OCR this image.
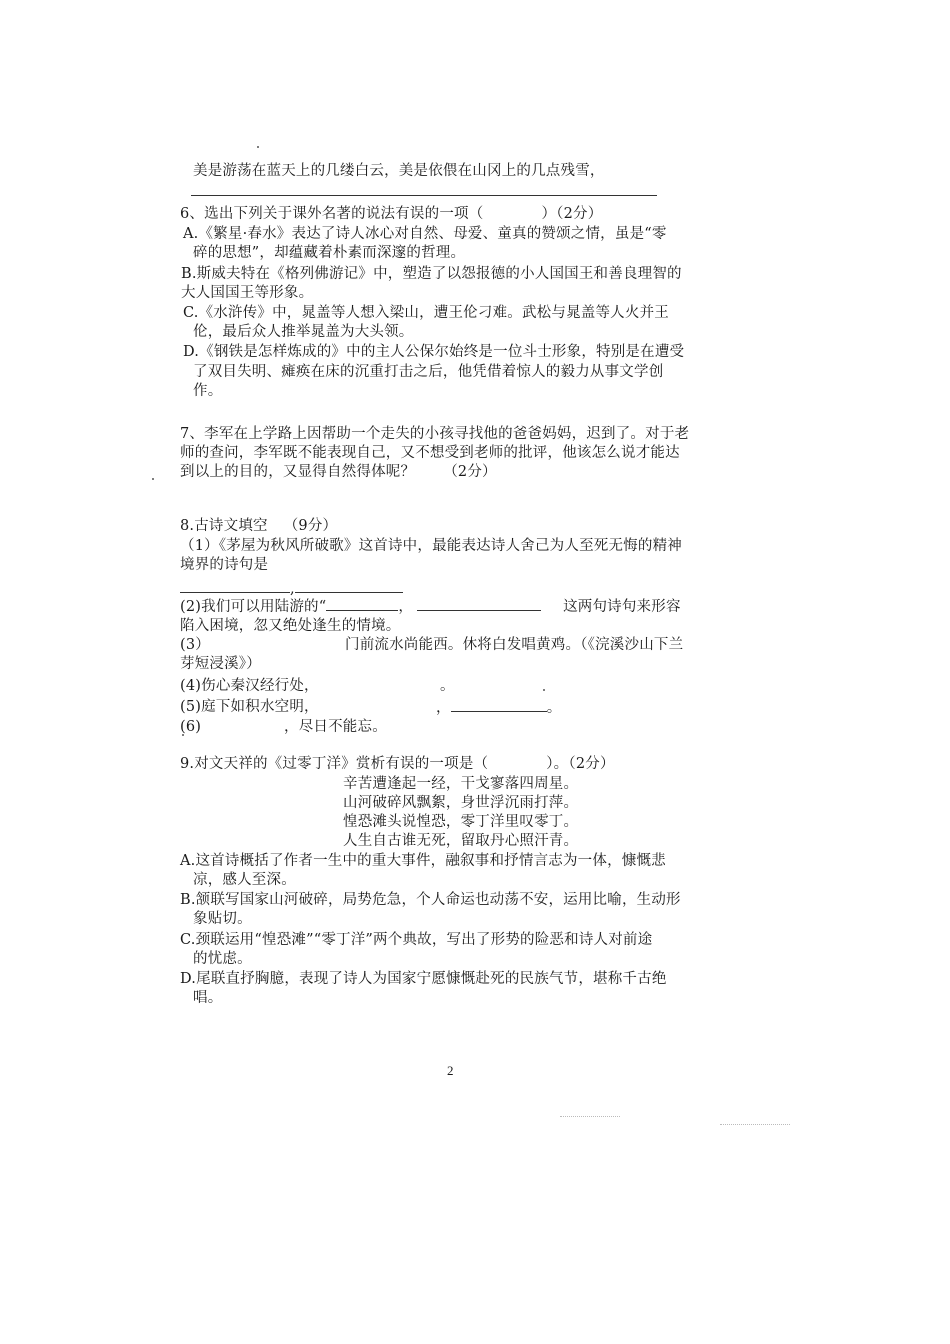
美是游荡在蓝天上的几缕白云，美是依偎在山冈上的几点残雪，
6、选出下列关于课外名著的说法有误的一项（	）（2分）
A.《繁星·春水》表达了诗人冰心对自然、母爱、童真的赞颂之情，虽是“零
碎的思想”，却蕴藏着朴素而深邃的哲理。
B.斯威夫特在《格列佛游记》中，塑造了以怨报德的小人国国王和善良理智的
大人国国王等形象。
C.《水浒传》中，晁盖等人想入梁山，遭王伦刁难。武松与晁盖等人火并王
伦，最后众人推举晁盖为大头领。
D.《钢铁是怎样炼成的》中的主人公保尔始终是一位斗士形象，特别是在遭受
了双目失明、瘫痪在床的沉重打击之后，他凭借着惊人的毅力从事文学创
作。
7、李军在上学路上因帮助一个走失的小孩寻找他的爸爸妈妈，迟到了。对于老
师的查问，李军既不能表现自己，又不想受到老师的批评，他该怎么说才能达
到以上的目的，又显得自然得体呢？ （2分）
8.古诗文填空 （9分）
（1）《茅屋为秋风所破歌》这首诗中，最能表达诗人舍己为人至死无悔的精神
境界的诗句是
,
(2)我们可以用陆游的“	，	这两句诗句来形容
陷入困境，忽又绝处逢生的情境。
(3）	门前流水尚能西。休将白发唱黄鸡。（《浣溪沙山下兰
芽短浸溪》）
(4)伤心秦汉经行处，	。
(5)庭下如积水空明，	，	。
(6)	，尽日不能忘。
9.对文天祥的《过零丁洋》赏析有误的一项是（	）。（2分）
辛苦遭逢起一经，干戈寥落四周星。
山河破碎风飘絮，身世浮沉雨打萍。
惶恐滩头说惶恐，零丁洋里叹零丁。
人生自古谁无死，留取丹心照汗青。
A.这首诗概括了作者一生中的重大事件，融叙事和抒情言志为一体，慷慨悲
凉，感人至深。
B.颔联写国家山河破碎，局势危急，个人命运也动荡不安，运用比喻，生动形
象贴切。
C.颈联运用“惶恐滩”“零丁洋”两个典故，写出了形势的险恶和诗人对前途
的忧虑。
D.尾联直抒胸臆，表现了诗人为国家宁愿慷慨赴死的民族气节，堪称千古绝
唱。
2
